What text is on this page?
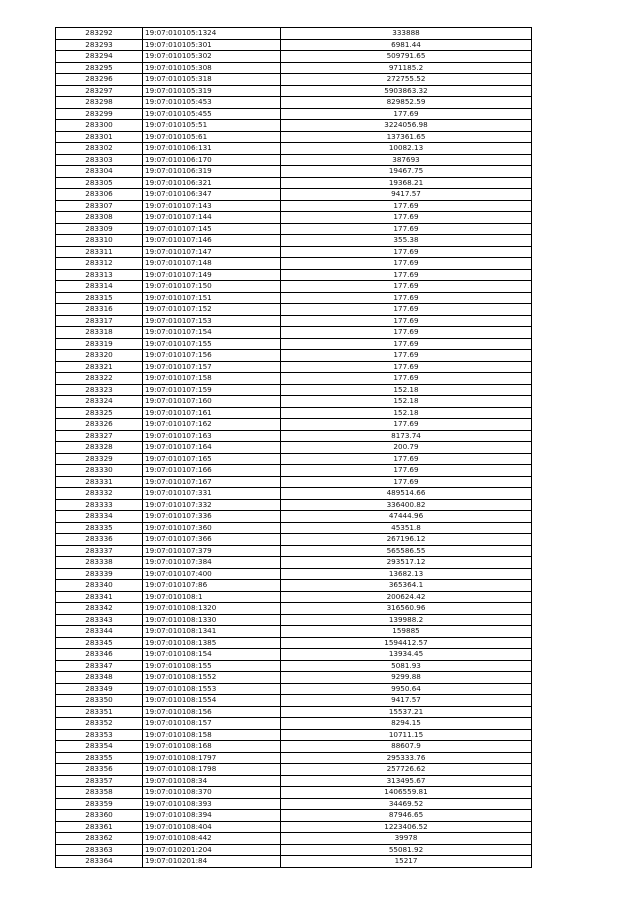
283292	19:07:010105:1324	333888
283293	19:07:010105:301	6981.44
283294	19:07:010105:302	509791.65
283295	19:07:010105:308	971185.2
283296	19:07:010105:318	272755.52
283297	19:07:010105:319	5903863.32
283298	19:07:010105:453	829852.59
283299	19:07:010105:455	177.69
283300	19:07:010105:51	3224056.98
283301	19:07:010105:61	137361.65
283302	19:07:010106:131	10082.13
283303	19:07:010106:170	387693
283304	19:07:010106:319	19467.75
283305	19:07:010106:321	19368.21
283306	19:07:010106:347	9417.57
283307	19:07:010107:143	177.69
283308	19:07:010107:144	177.69
283309	19:07:010107:145	177.69
283310	19:07:010107:146	355.38
283311	19:07:010107:147	177.69
283312	19:07:010107:148	177.69
283313	19:07:010107:149	177.69
283314	19:07:010107:150	177.69
283315	19:07:010107:151	177.69
283316	19:07:010107:152	177.69
283317	19:07:010107:153	177.69
283318	19:07:010107:154	177.69
283319	19:07:010107:155	177.69
283320	19:07:010107:156	177.69
283321	19:07:010107:157	177.69
283322	19:07:010107:158	177.69
283323	19:07:010107:159	152.18
283324	19:07:010107:160	152.18
283325	19:07:010107:161	152.18
283326	19:07:010107:162	177.69
283327	19:07:010107:163	8173.74
283328	19:07:010107:164	200.79
283329	19:07:010107:165	177.69
283330	19:07:010107:166	177.69
283331	19:07:010107:167	177.69
283332	19:07:010107:331	489514.66
283333	19:07:010107:332	336400.82
283334	19:07:010107:336	47444.96
283335	19:07:010107:360	45351.8
283336	19:07:010107:366	267196.12
283337	19:07:010107:379	565586.55
283338	19:07:010107:384	293517.12
283339	19:07:010107:400	13682.13
283340	19:07:010107:86	365364.1
283341	19:07:010108:1	200624.42
283342	19:07:010108:1320	316560.96
283343	19:07:010108:1330	139988.2
283344	19:07:010108:1341	159885
283345	19:07:010108:1385	1594412.57
283346	19:07:010108:154	13934.45
283347	19:07:010108:155	5081.93
283348	19:07:010108:1552	9299.88
283349	19:07:010108:1553	9950.64
283350	19:07:010108:1554	9417.57
283351	19:07:010108:156	15537.21
283352	19:07:010108:157	8294.15
283353	19:07:010108:158	10711.15
283354	19:07:010108:168	88607.9
283355	19:07:010108:1797	295333.76
283356	19:07:010108:1798	257726.62
283357	19:07:010108:34	313495.67
283358	19:07:010108:370	1406559.81
283359	19:07:010108:393	34469.52
283360	19:07:010108:394	87946.65
283361	19:07:010108:404	1223406.52
283362	19:07:010108:442	39978
283363	19:07:010201:204	55081.92
283364	19:07:010201:84	15217
